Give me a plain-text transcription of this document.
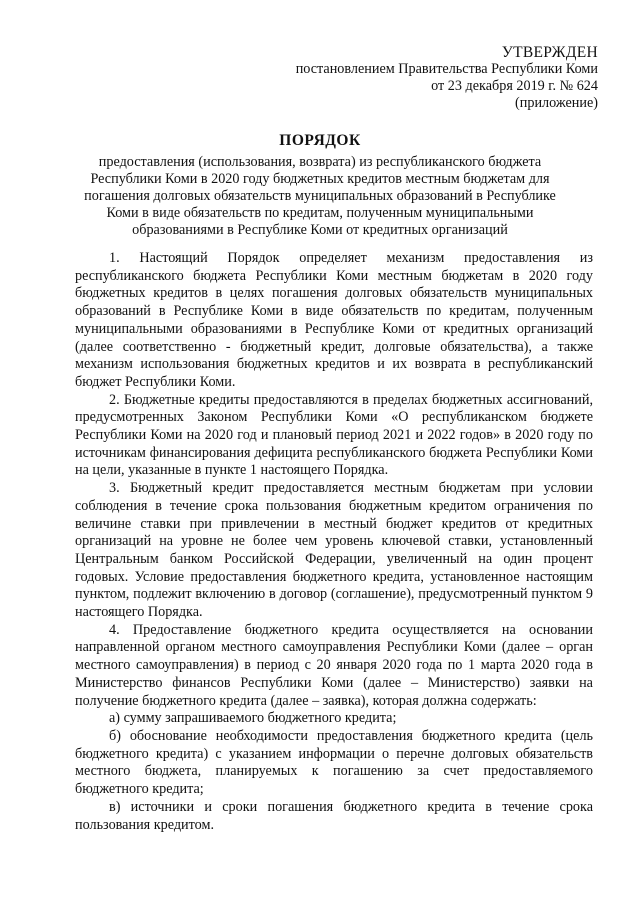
УТВЕРЖДЕН
постановлением Правительства Республики Коми
от 23 декабря 2019 г. № 624
(приложение)
ПОРЯДОК
предоставления (использования, возврата) из республиканского бюджета
Республики Коми в 2020 году бюджетных кредитов местным бюджетам для
погашения долговых обязательств муниципальных образований в Республике
Коми в виде обязательств по кредитам, полученным муниципальными
образованиями в Республике Коми от кредитных организаций

1. Настоящий Порядок определяет механизм предоставления из республиканского бюджета Республики Коми местным бюджетам в 2020 году бюджетных кредитов в целях погашения долговых обязательств муниципальных образований в Республике Коми в виде обязательств по кредитам, полученным муниципальными образованиями в Республике Коми от кредитных организаций (далее соответственно - бюджетный кредит, долговые обязательства), а также механизм использования бюджетных кредитов и их возврата в республиканский бюджет Республики Коми.

2. Бюджетные кредиты предоставляются в пределах бюджетных ассигнований, предусмотренных Законом Республики Коми «О республиканском бюджете Республики Коми на 2020 год и плановый период 2021 и 2022 годов» в 2020 году по источникам финансирования дефицита республиканского бюджета Республики Коми на цели, указанные в пункте 1 настоящего Порядка.

3. Бюджетный кредит предоставляется местным бюджетам при условии соблюдения в течение срока пользования бюджетным кредитом ограничения по величине ставки при привлечении в местный бюджет кредитов от кредитных организаций на уровне не более чем уровень ключевой ставки, установленный Центральным банком Российской Федерации, увеличенный на один процент годовых. Условие предоставления бюджетного кредита, установленное настоящим пунктом, подлежит включению в договор (соглашение), предусмотренный пунктом 9 настоящего Порядка.

4. Предоставление бюджетного кредита осуществляется на основании направленной органом местного самоуправления Республики Коми (далее – орган местного самоуправления) в период с 20 января 2020 года по 1 марта 2020 года в Министерство финансов Республики Коми (далее – Министерство) заявки на получение бюджетного кредита (далее – заявка), которая должна содержать:

а) сумму запрашиваемого бюджетного кредита;

б) обоснование необходимости предоставления бюджетного кредита (цель бюджетного кредита) с указанием информации о перечне долговых обязательств местного бюджета, планируемых к погашению за счет предоставляемого бюджетного кредита;

в) источники и сроки погашения бюджетного кредита в течение срока пользования кредитом.
